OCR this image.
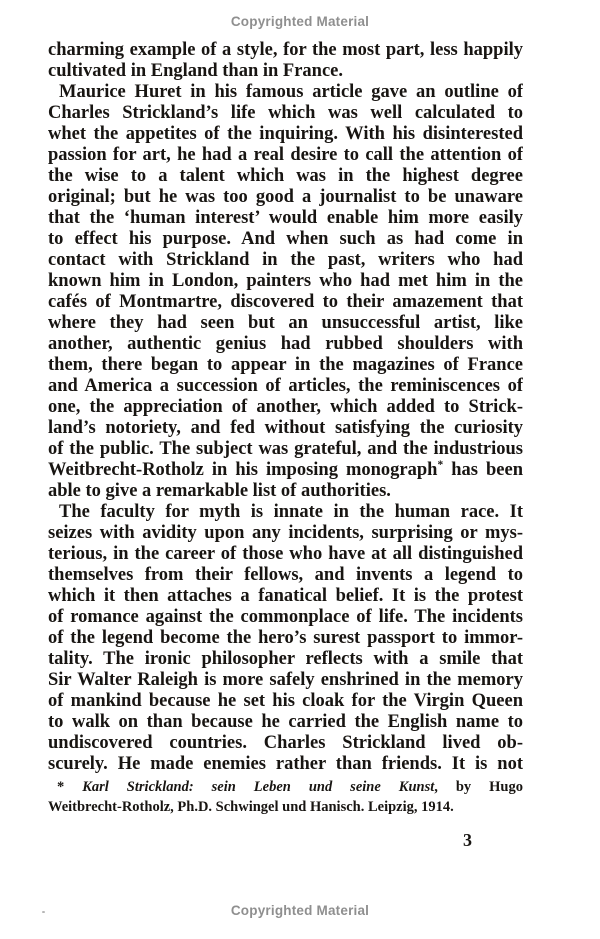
Copyrighted Material
charming example of a style, for the most part, less happily
cultivated in England than in France.
Maurice Huret in his famous article gave an outline of
Charles Strickland’s life which was well calculated to
whet the appetites of the inquiring. With his disinterested
passion for art, he had a real desire to call the attention of
the wise to a talent which was in the highest degree
original; but he was too good a journalist to be unaware
that the ‘human interest’ would enable him more easily
to effect his purpose. And when such as had come in
contact with Strickland in the past, writers who had
known him in London, painters who had met him in the
cafés of Montmartre, discovered to their amazement that
where they had seen but an unsuccessful artist, like
another, authentic genius had rubbed shoulders with
them, there began to appear in the magazines of France
and America a succession of articles, the reminiscences of
one, the appreciation of another, which added to Strick-
land’s notoriety, and fed without satisfying the curiosity
of the public. The subject was grateful, and the industrious
Weitbrecht-Rotholz in his imposing monograph* has been
able to give a remarkable list of authorities.
The faculty for myth is innate in the human race. It
seizes with avidity upon any incidents, surprising or mys-
terious, in the career of those who have at all distinguished
themselves from their fellows, and invents a legend to
which it then attaches a fanatical belief. It is the protest
of romance against the commonplace of life. The incidents
of the legend become the hero’s surest passport to immor-
tality. The ironic philosopher reflects with a smile that
Sir Walter Raleigh is more safely enshrined in the memory
of mankind because he set his cloak for the Virgin Queen
to walk on than because he carried the English name to
undiscovered countries. Charles Strickland lived ob-
scurely. He made enemies rather than friends. It is not
* Karl Strickland: sein Leben und seine Kunst, by Hugo
Weitbrecht-Rotholz, Ph.D. Schwingel und Hanisch. Leipzig, 1914.
3
Copyrighted Material
